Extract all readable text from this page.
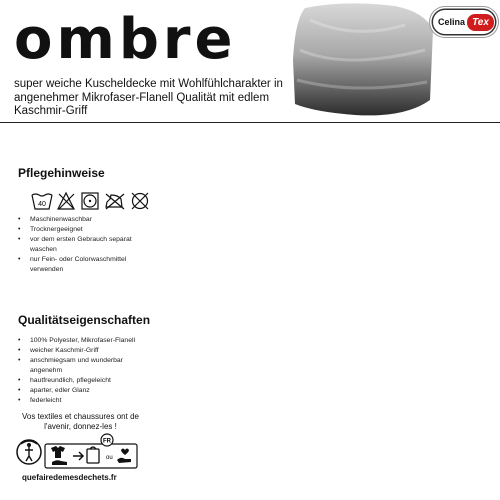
ombre
super weiche Kuscheldecke mit Wohlfühlcharakter in angenehmer Mikrofaser-Flanell Qualität mit edlem Kaschmir-Griff
Celina Tex
Pflegehinweise
40
• Maschinenwaschbar
• Trocknergeeignet
• vor dem ersten Gebrauch separat waschen
• nur Fein- oder Colorwaschmittel verwenden
Qualitätseigenschaften
• 100% Polyester, Mikrofaser-Flanell
• weicher Kaschmir-Griff
• anschmiegsam und wunderbar angenehm
• hautfreundlich, pflegeleicht
• aparter, edler Glanz
• federleicht
Vos textiles et chaussures ont de l'avenir, donnez-les !
FR
ou
quefairedemesdechets.fr
